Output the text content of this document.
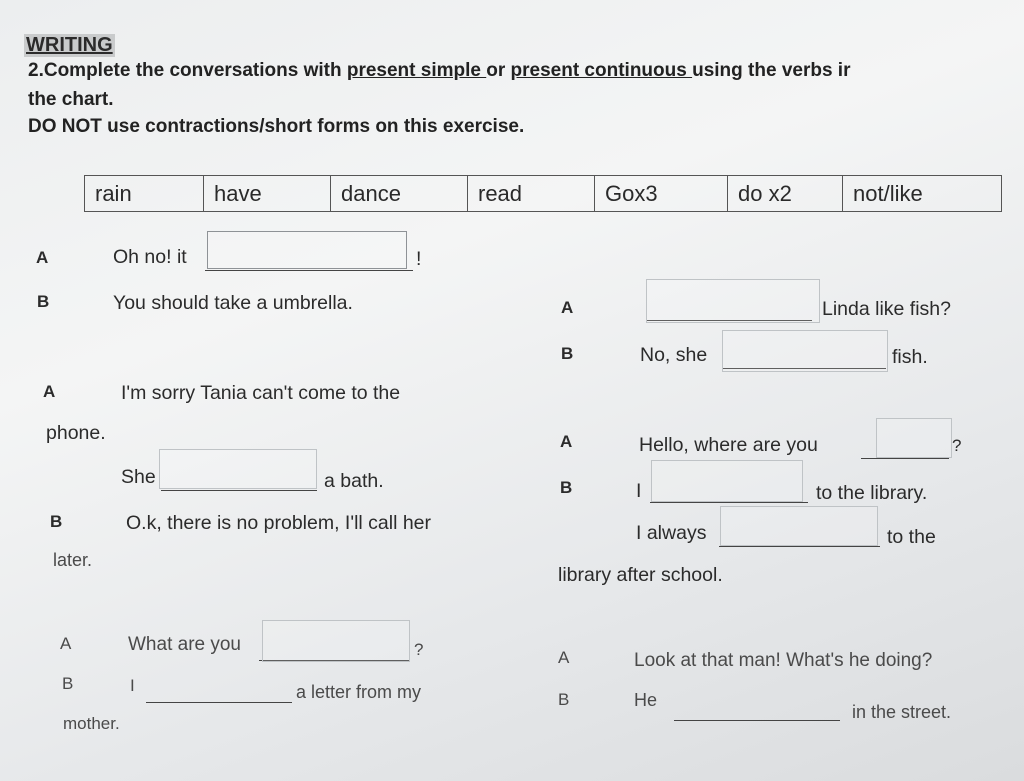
WRITING
2.Complete the conversations with present simple or present continuous using the verbs ir
the chart.
DO NOT use contractions/short forms on this exercise.
rain	have	dance	read	Gox3	do x2	not/like
A	Oh no! it	!
B	You should take a umbrella.
A	I'm sorry Tania can't come to the
phone.
She	a bath.
B	O.k, there is no problem, I'll call her
later.
A	What are you	?
B	I	a letter from my
mother.
A	Linda like fish?
B	No, she	fish.
A	Hello, where are you	?
B	I	to the library.
I always	to the
library after school.
A	Look at that man! What's he doing?
B	He
in the street.
